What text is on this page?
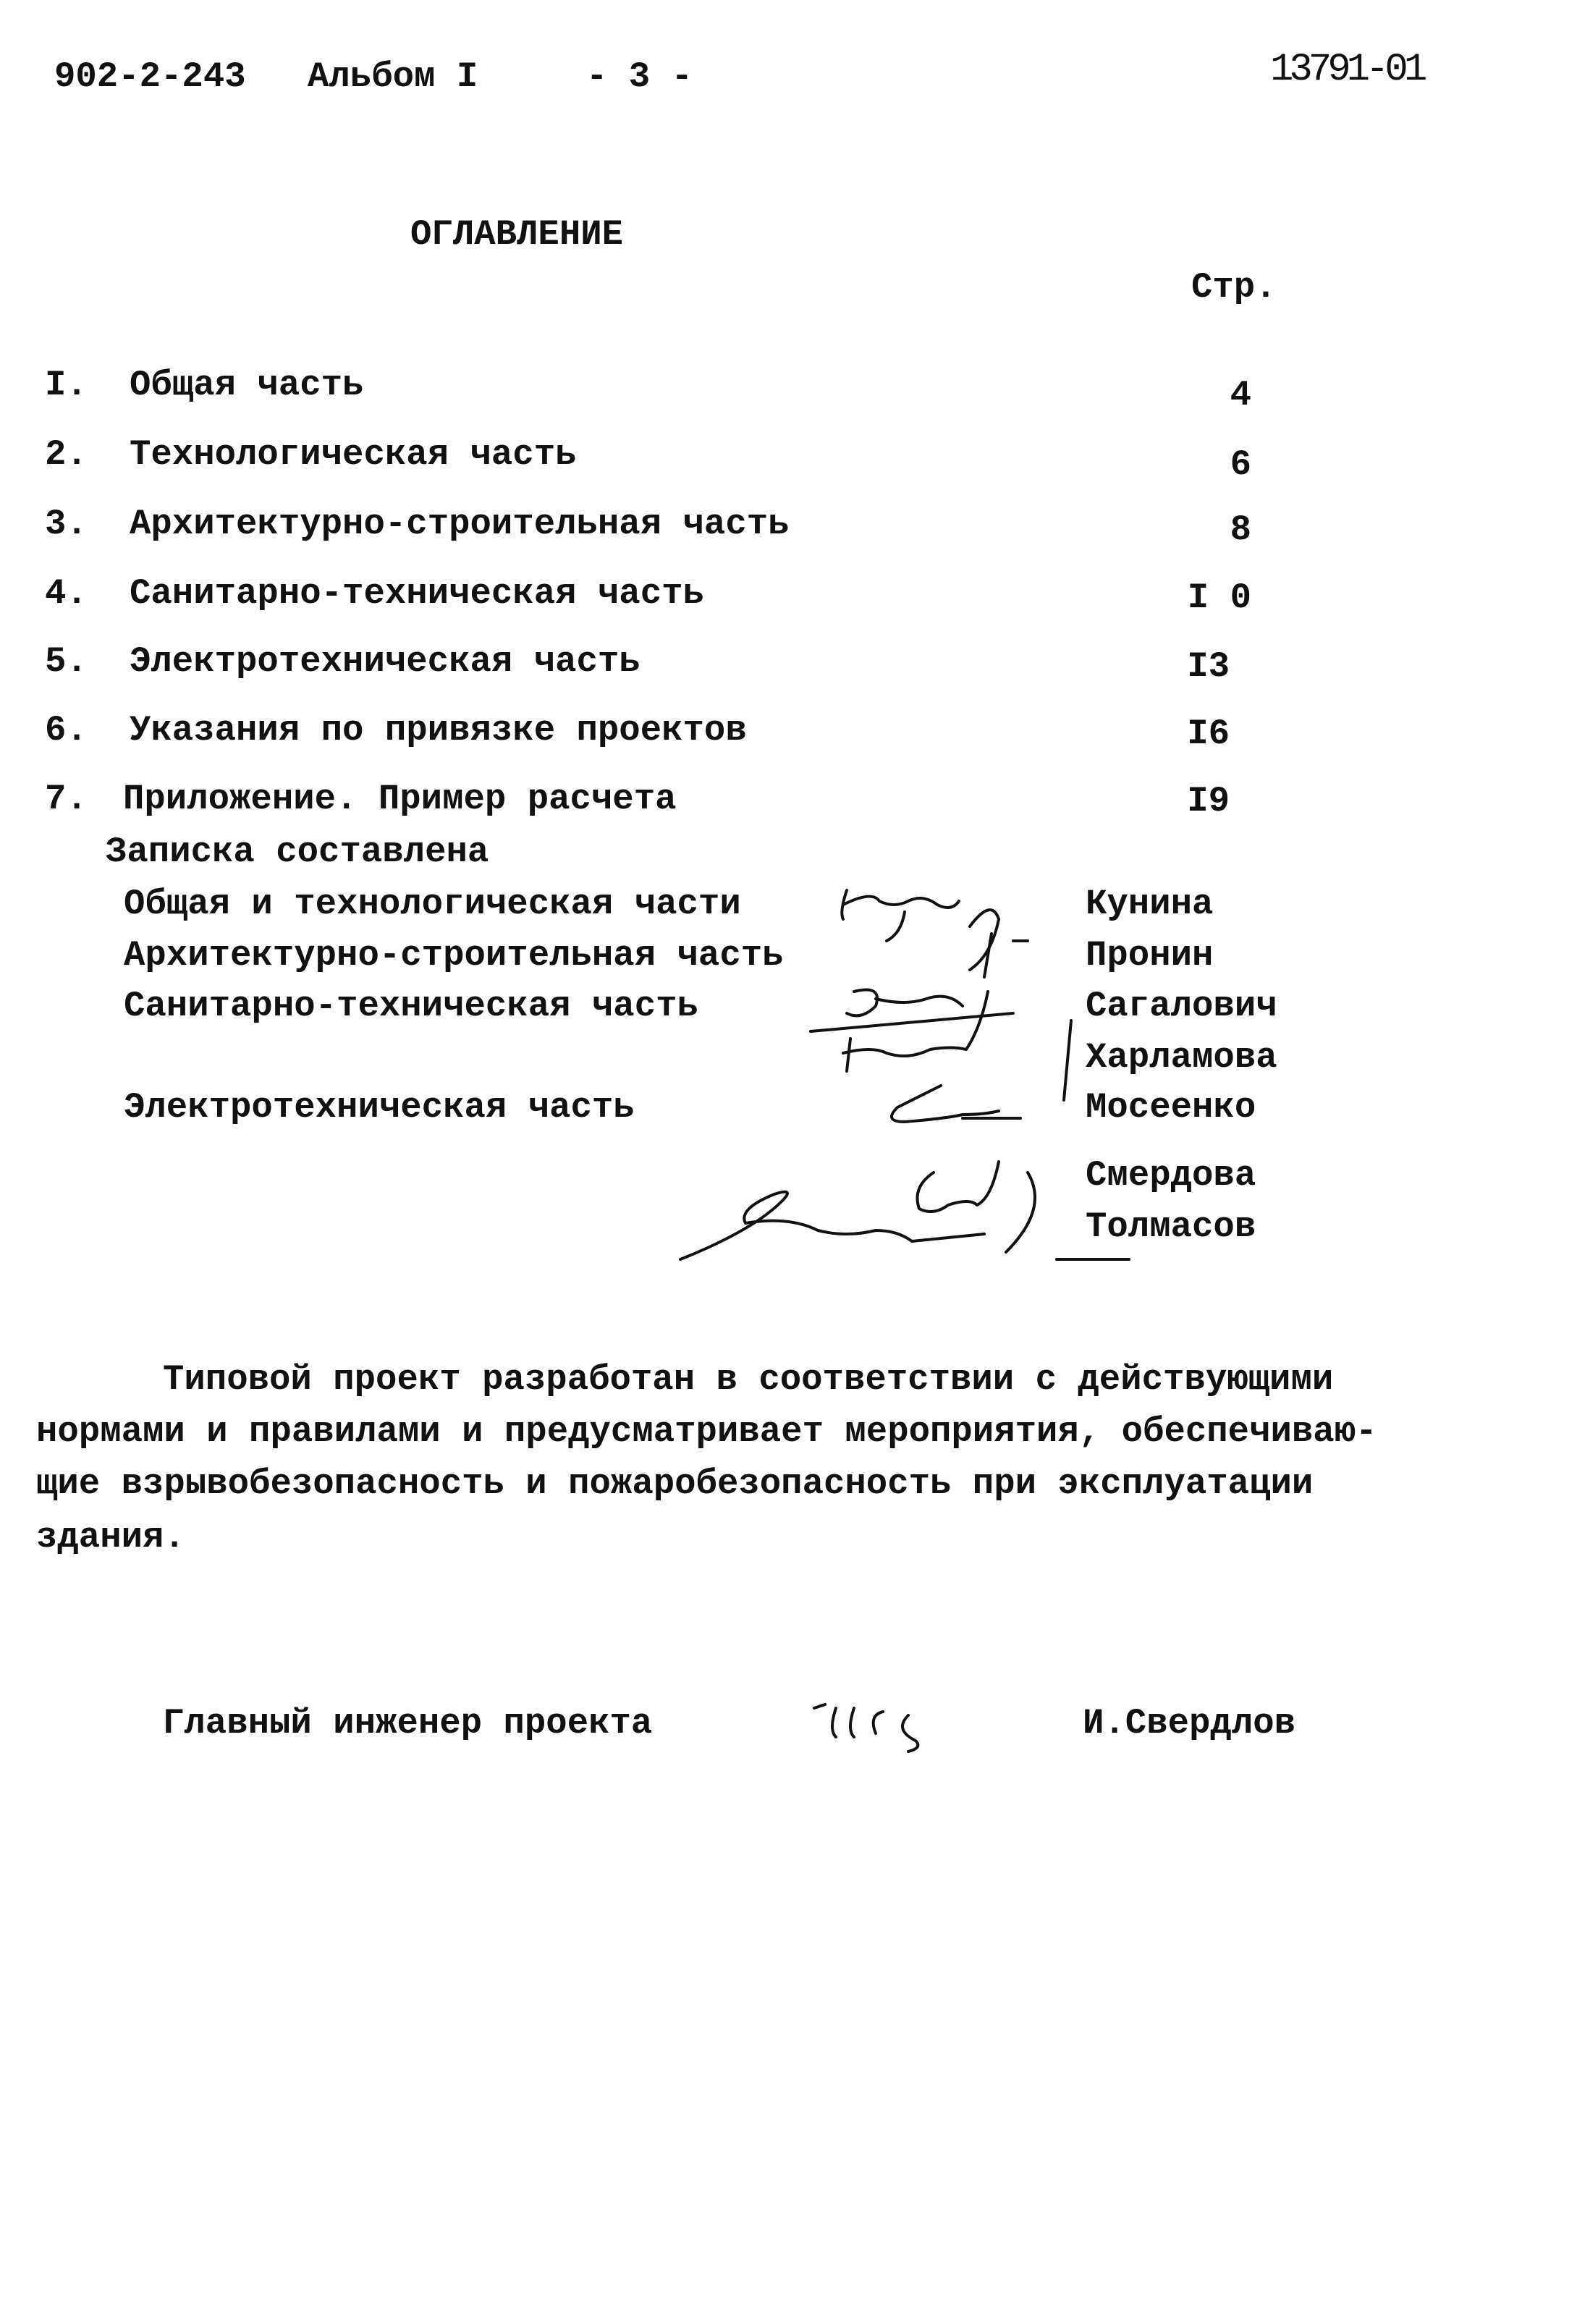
902-2-243 Альбом I	- 3 -	13791-01
ОГЛАВЛЕНИЕ
Стр.
I. Общая часть	4
2. Технологическая часть	6
3. Архитектурно-строительная часть	8
4. Санитарно-техническая часть	I 0
5. Электротехническая часть	I3
6. Указания по привязке проектов	I6
7. Приложение. Пример расчета	I9
Записка составлена
Общая и технологическая части	Кунина
Архитектурно-строительная часть	Пронин
Санитарно-техническая часть	Сагалович
Харламова
Электротехническая часть	Мосеенко
Смердова
Толмасов
Типовой проект разработан в соответствии с действующими
нормами и правилами и предусматривает мероприятия, обеспечиваю-
щие взрывобезопасность и пожаробезопасность при эксплуатации
здания.
Главный инженер проекта	И.Свердлов
